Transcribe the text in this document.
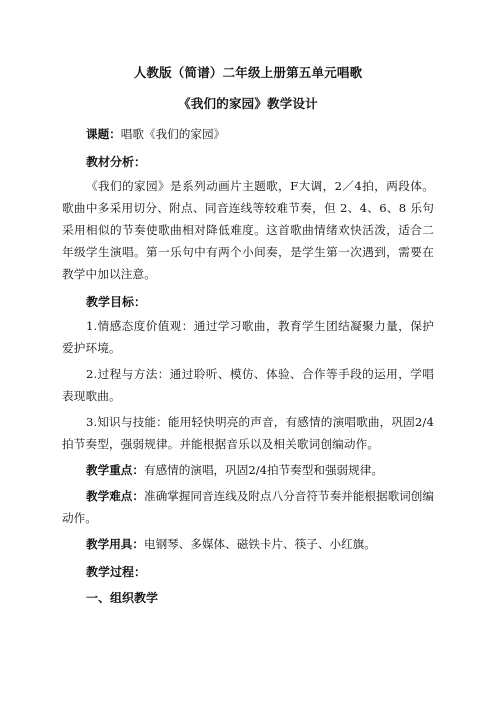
人教版（简谱）二年级上册第五单元唱歌

《我们的家园》教学设计

课题：唱歌《我们的家园》

教材分析：

《我们的家园》是系列动画片主题歌，F大调，2／4拍，两段体。歌曲中多采用切分、附点、同音连线等较难节奏，但 2、4、6、8 乐句采用相似的节奏使歌曲相对降低难度。这首歌曲情绪欢快活泼，适合二年级学生演唱。第一乐句中有两个小间奏，是学生第一次遇到，需要在教学中加以注意。

教学目标：

1.情感态度价值观：通过学习歌曲，教育学生团结凝聚力量，保护爱护环境。

2.过程与方法：通过聆听、模仿、体验、合作等手段的运用，学唱表现歌曲。

3.知识与技能：能用轻快明亮的声音，有感情的演唱歌曲，巩固2/4拍节奏型，强弱规律。并能根据音乐以及相关歌词创编动作。

教学重点：有感情的演唱，巩固2/4拍节奏型和强弱规律。

教学难点：准确掌握同音连线及附点八分音符节奏并能根据歌词创编动作。

教学用具：电钢琴、多媒体、磁铁卡片、筷子、小红旗。

教学过程：

一、组织教学
